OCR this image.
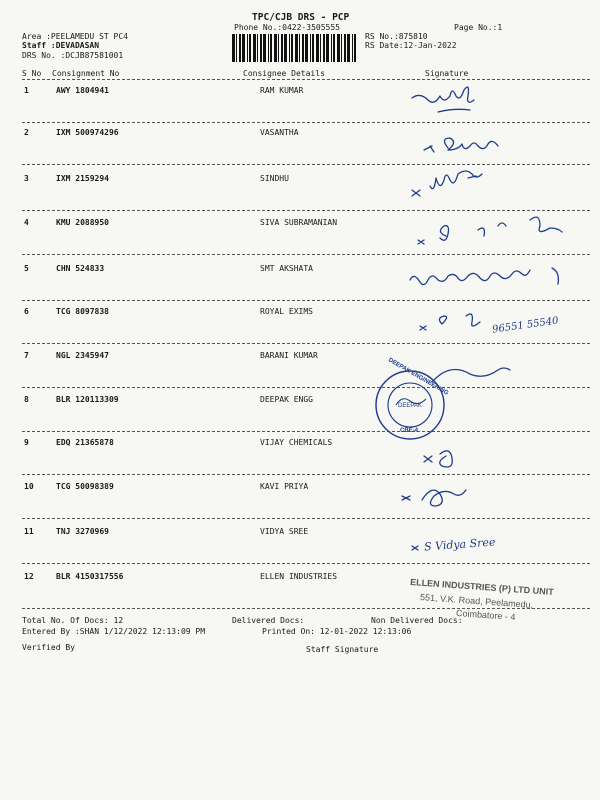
TPC/CJB DRS - PCP
Phone No.:0422-3505555	Page No.:1
Area :PEELAMEDU ST PC4
Staff :DEVADASAN
DRS No. :DCJB87581001
RS No.:875810
RS Date:12-Jan-2022
S No Consignment No	Consignee Details	Signature
1	AWY 1804941	RAM KUMAR
2	IXM 500974296	VASANTHA
3	IXM 2159294	SINDHU
4	KMU 2088950	SIVA SUBRAMANIAN
5	CHN 524833	SMT AKSHATA
6	TCG 8097838	ROYAL EXIMS
7	NGL 2345947	BARANI KUMAR
8	BLR 120113309	DEEPAK ENGG
9	EDQ 21365878	VIJAY CHEMICALS
10	TCG 50098389	KAVI PRIYA
11	TNJ 3270969	VIDYA SREE
12	BLR 4150317556	ELLEN INDUSTRIES
96551 55540
DEEPAK ENGINEERING
DEEPAK
CBE-4
S Vidya Sree
ELLEN INDUSTRIES (P) LTD UNIT
551, V.K. Road, Peelamedu,
Coimbatore - 4
Total No. Of Docs: 12	Delivered Docs:	Non Delivered Docs:
Entered By :SHAN 1/12/2022 12:13:09 PM	Printed On: 12-01-2022 12:13:06
Verified By	Staff Signature
